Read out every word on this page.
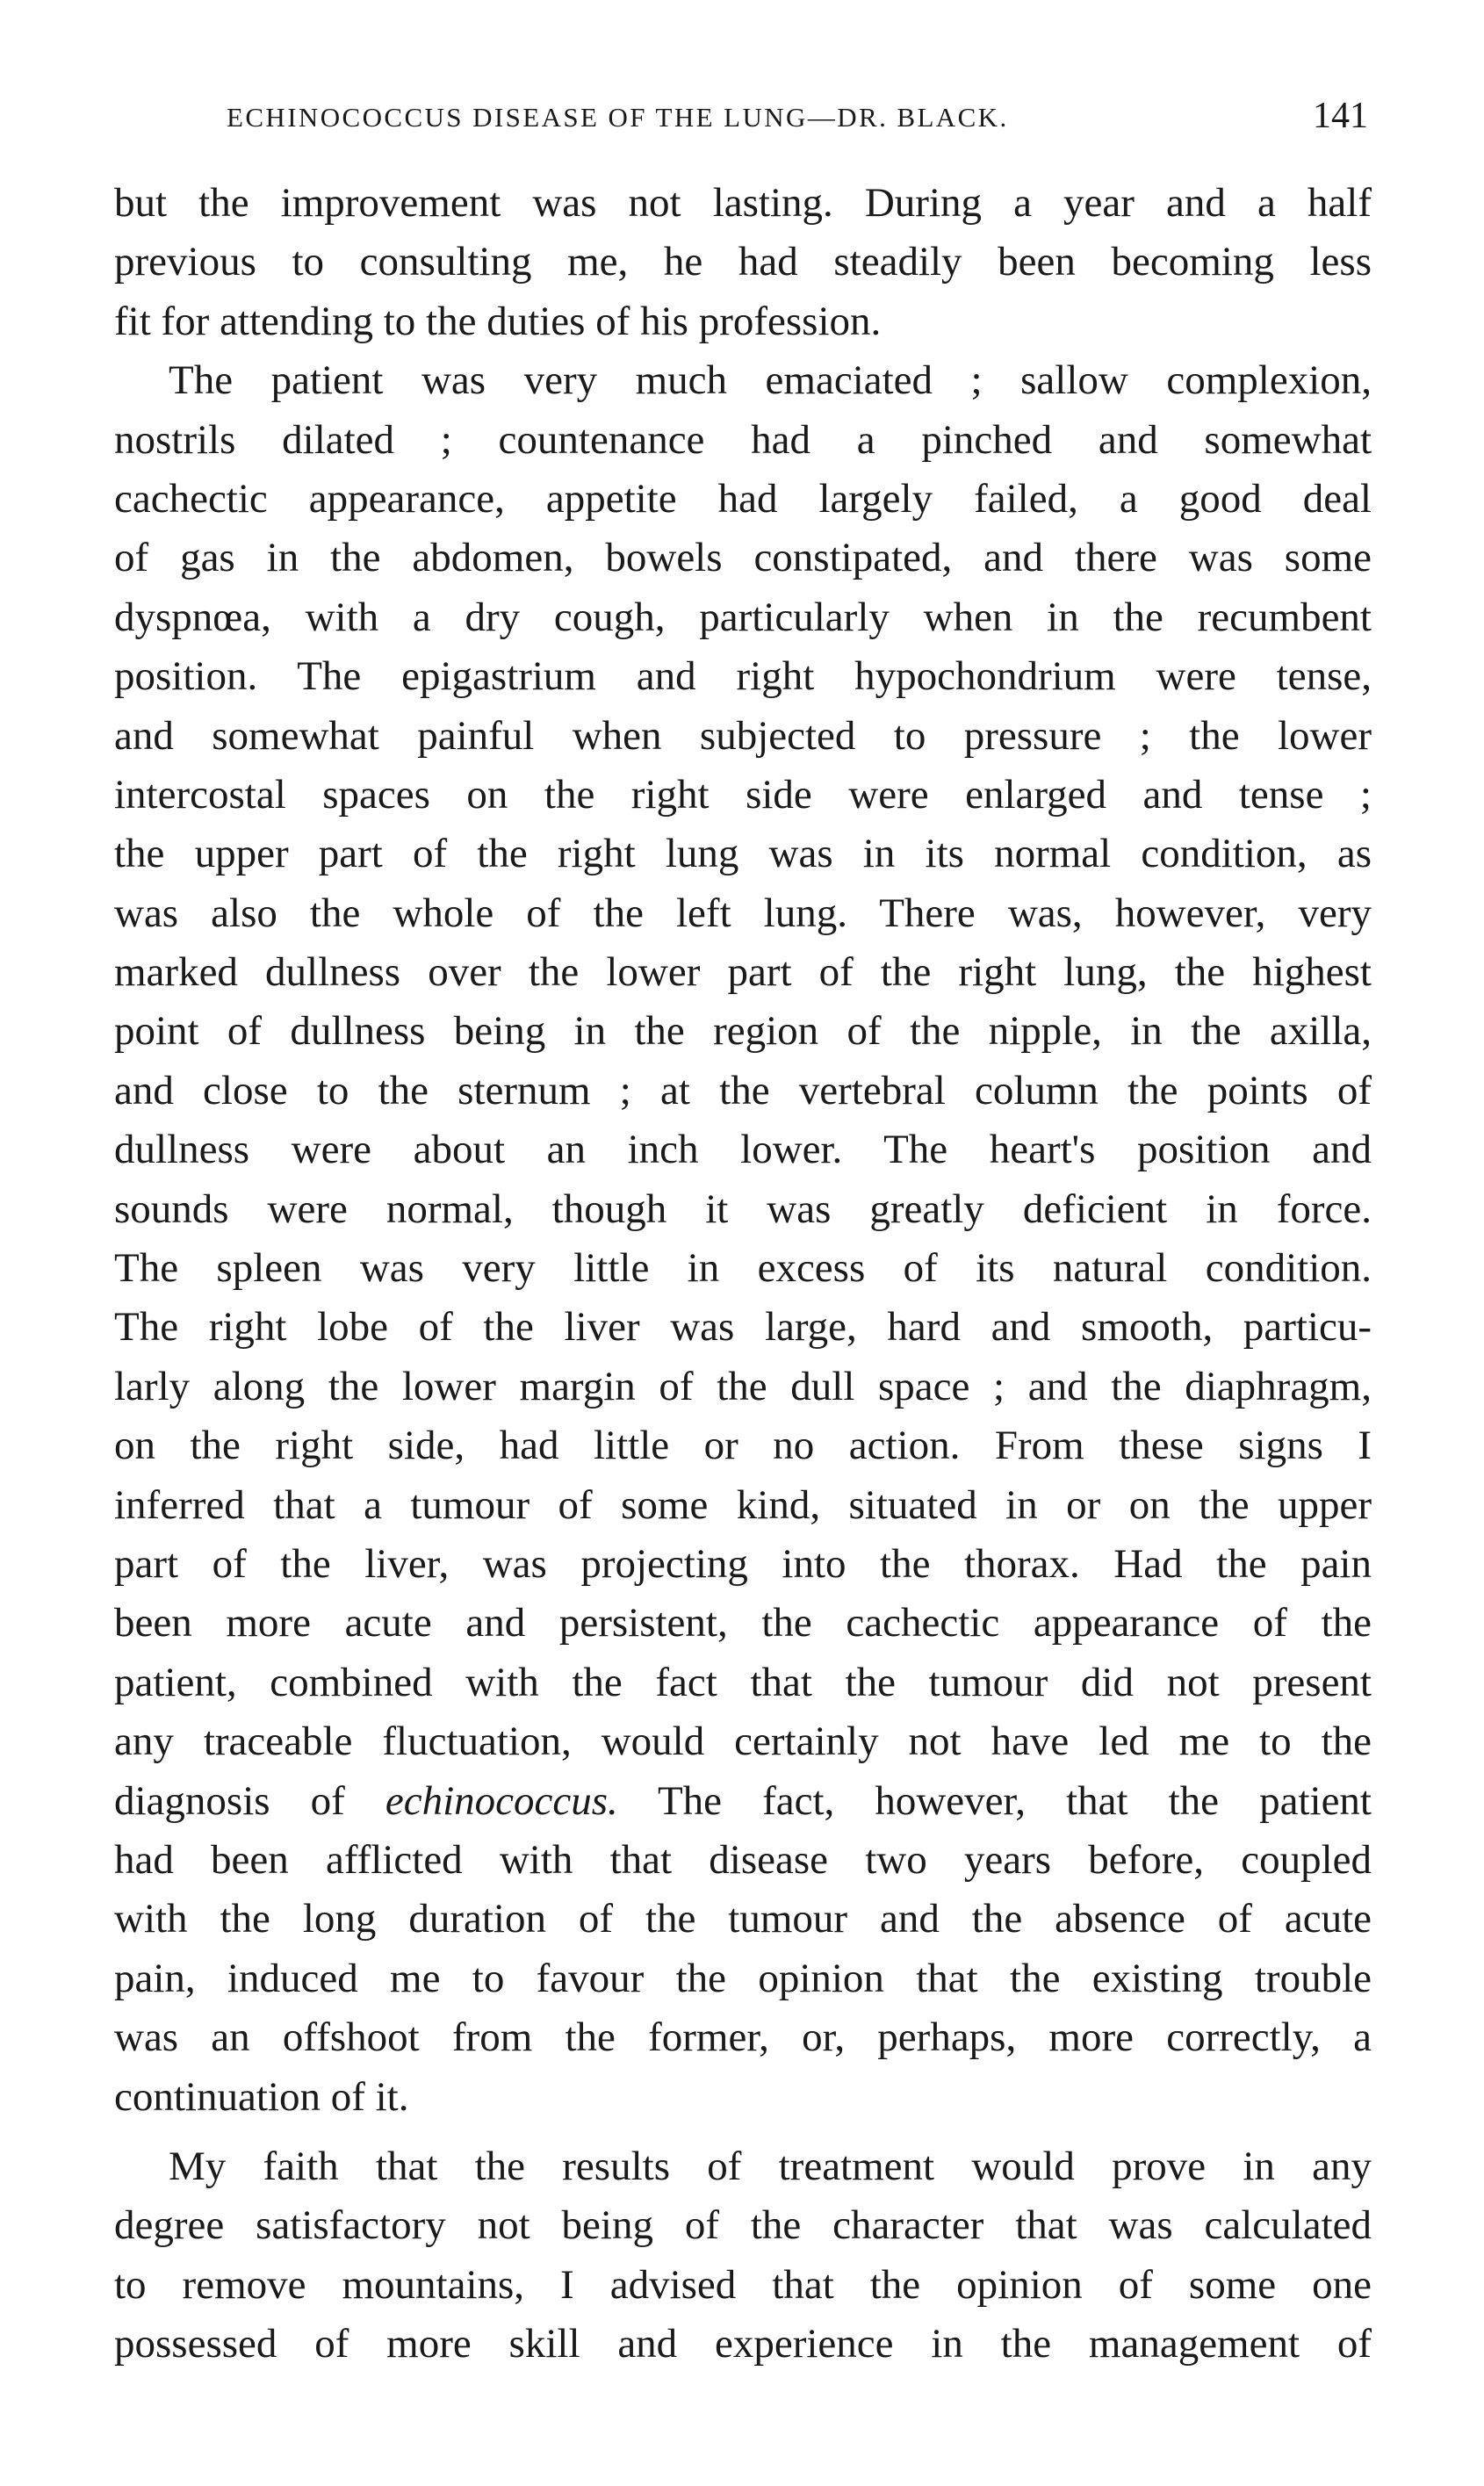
ECHINOCOCCUS DISEASE OF THE LUNG—DR. BLACK.	141
but the improvement was not lasting. During a year and a half
previous to consulting me, he had steadily been becoming less
fit for attending to the duties of his profession.
The patient was very much emaciated ; sallow complexion,
nostrils dilated ; countenance had a pinched and somewhat
cachectic appearance, appetite had largely failed, a good deal
of gas in the abdomen, bowels constipated, and there was some
dyspnœa, with a dry cough, particularly when in the recumbent
position. The epigastrium and right hypochondrium were tense,
and somewhat painful when subjected to pressure ; the lower
intercostal spaces on the right side were enlarged and tense ;
the upper part of the right lung was in its normal condition, as
was also the whole of the left lung. There was, however, very
marked dullness over the lower part of the right lung, the highest
point of dullness being in the region of the nipple, in the axilla,
and close to the sternum ; at the vertebral column the points of
dullness were about an inch lower. The heart's position and
sounds were normal, though it was greatly deficient in force.
The spleen was very little in excess of its natural condition.
The right lobe of the liver was large, hard and smooth, particu-
larly along the lower margin of the dull space ; and the diaphragm,
on the right side, had little or no action. From these signs I
inferred that a tumour of some kind, situated in or on the upper
part of the liver, was projecting into the thorax. Had the pain
been more acute and persistent, the cachectic appearance of the
patient, combined with the fact that the tumour did not present
any traceable fluctuation, would certainly not have led me to the
diagnosis of echinococcus. The fact, however, that the patient
had been afflicted with that disease two years before, coupled
with the long duration of the tumour and the absence of acute
pain, induced me to favour the opinion that the existing trouble
was an offshoot from the former, or, perhaps, more correctly, a
continuation of it.
My faith that the results of treatment would prove in any
degree satisfactory not being of the character that was calculated
to remove mountains, I advised that the opinion of some one
possessed of more skill and experience in the management of
